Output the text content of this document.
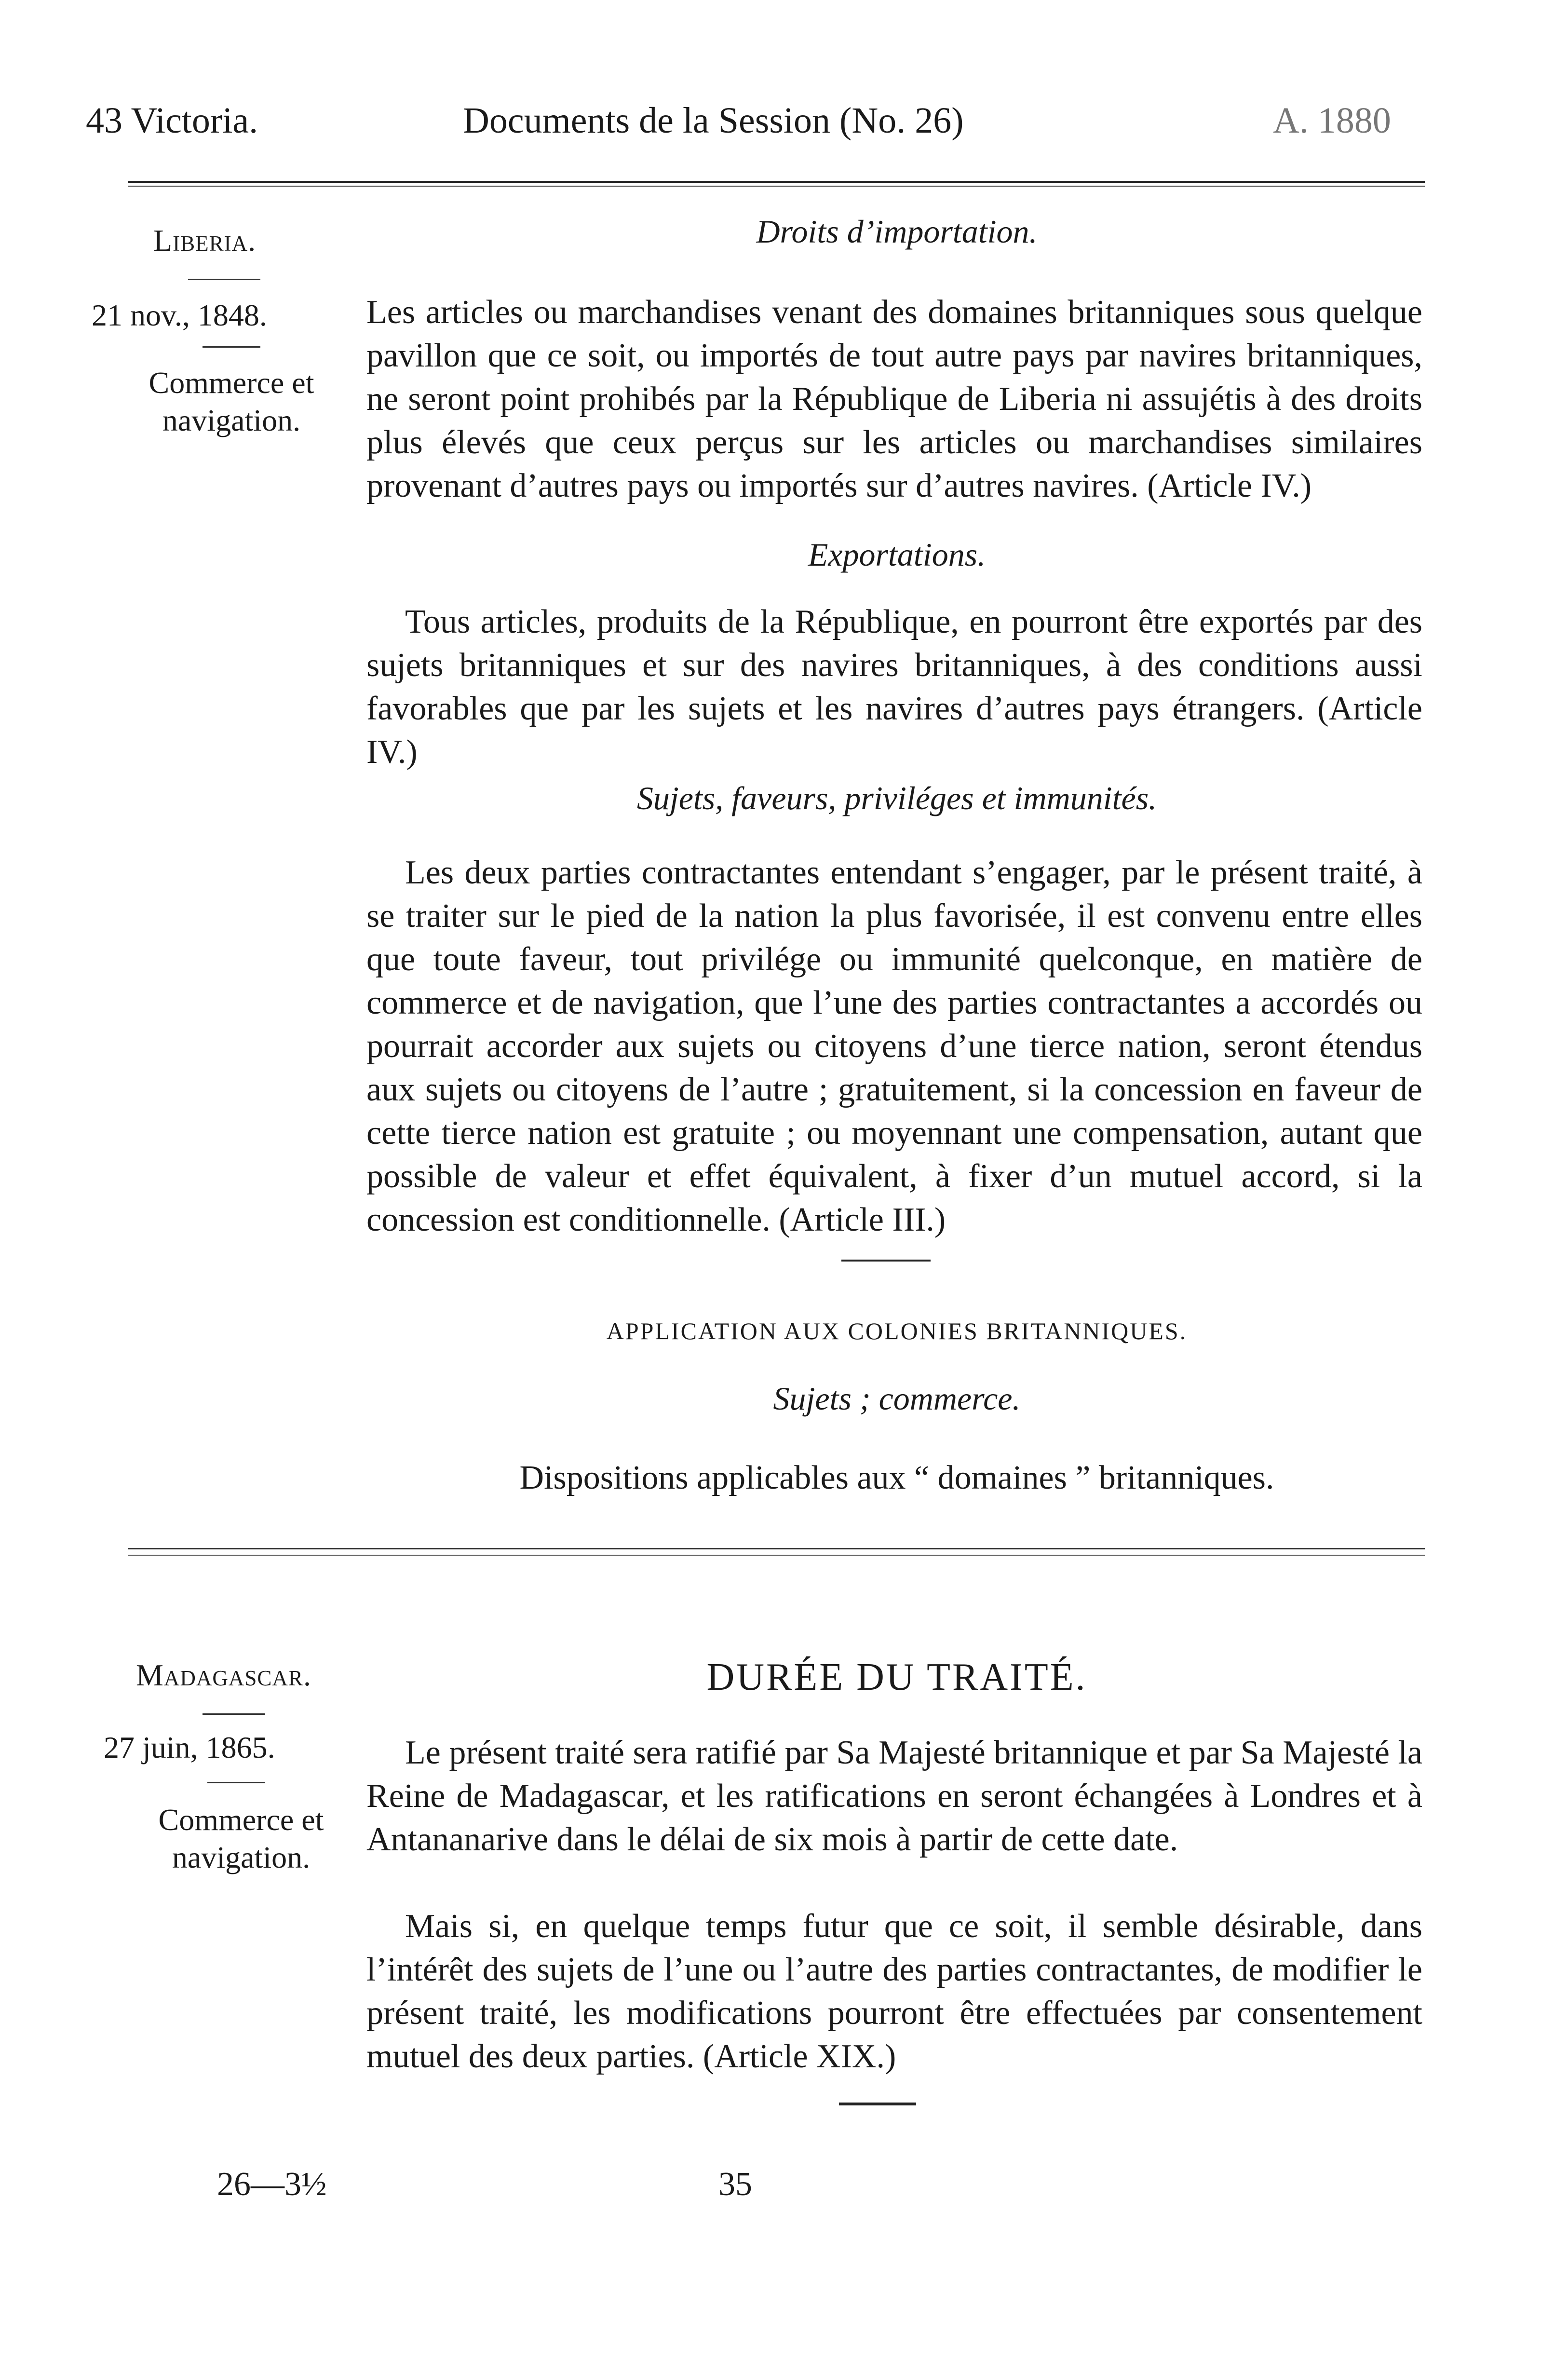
43 Victoria.	Documents de la Session (No. 26)	A. 1880
Liberia.
21 nov., 1848.
Commerce et navigation.
Droits d’importation.
Les articles ou marchandises venant des domaines britanniques sous quelque pavillon que ce soit, ou importés de tout autre pays par navires britanniques, ne seront point prohibés par la République de Liberia ni assujétis à des droits plus élevés que ceux perçus sur les articles ou marchandises similaires provenant d’autres pays ou importés sur d’autres navires. (Article IV.)
Exportations.
Tous articles, produits de la République, en pourront être exportés par des sujets britanniques et sur des navires britanniques, à des conditions aussi favorables que par les sujets et les navires d’autres pays étrangers. (Article IV.)
Sujets, faveurs, priviléges et immunités.
Les deux parties contractantes entendant s’engager, par le présent traité, à se traiter sur le pied de la nation la plus favorisée, il est convenu entre elles que toute faveur, tout privilége ou immunité quelconque, en matière de commerce et de navigation, que l’une des parties contractantes a accordés ou pourrait accorder aux sujets ou citoyens d’une tierce nation, seront étendus aux sujets ou citoyens de l’autre ; gratuitement, si la concession en faveur de cette tierce nation est gratuite ; ou moyennant une compensation, autant que possible de valeur et effet équivalent, à fixer d’un mutuel accord, si la concession est conditionnelle. (Article III.)
APPLICATION AUX COLONIES BRITANNIQUES.
Sujets ; commerce.
Dispositions applicables aux “ domaines ” britanniques.
Madagascar.
27 juin, 1865.
Commerce et navigation.
DURÉE DU TRAITÉ.
Le présent traité sera ratifié par Sa Majesté britannique et par Sa Majesté la Reine de Madagascar, et les ratifications en seront échangées à Londres et à Antananarive dans le délai de six mois à partir de cette date.
Mais si, en quelque temps futur que ce soit, il semble désirable, dans l’intérêt des sujets de l’une ou l’autre des parties contractantes, de modifier le présent traité, les modifications pourront être effectuées par consentement mutuel des deux parties. (Article XIX.)
26—3½	35
